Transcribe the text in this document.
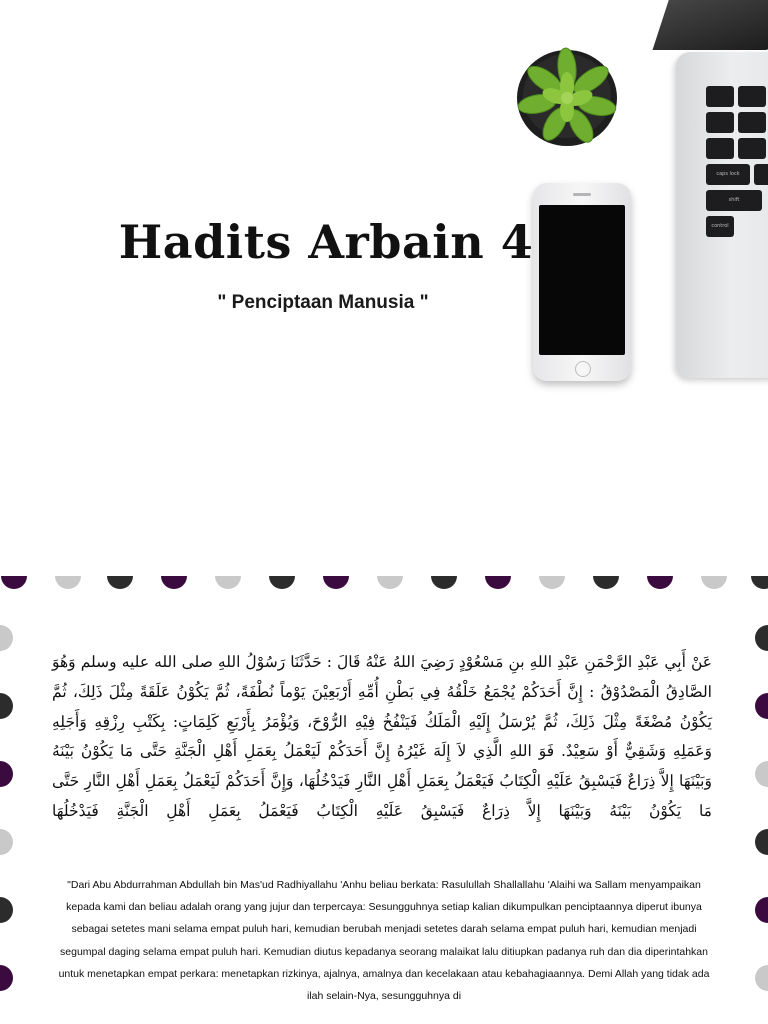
caps lock
shift
control
Hadits Arbain 4
" Penciptaan Manusia "
عَنْ أَبِي عَبْدِ الرَّحْمَنِ عَبْدِ اللهِ بنِ مَسْعُوْدٍ رَضِيَ اللهُ عَنْهُ قَالَ : حَدَّثَنَا رَسُوْلُ اللهِ صلى الله عليه وسلم وَهُوَ الصَّادِقُ الْمَصْدُوْقُ : إِنَّ أَحَدَكُمْ يُجْمَعُ خَلْقُهُ فِي بَطْنِ أُمِّهِ أَرْبَعِيْنَ يَوْماً نُطْفَةً، ثُمَّ يَكُوْنُ عَلَقَةً مِثْلَ ذَلِكَ، ثُمَّ يَكُوْنُ مُضْغَةً مِثْلَ ذَلِكَ، ثُمَّ يُرْسَلُ إِلَيْهِ الْمَلَكُ فَيَنْفُخُ فِيْهِ الرُّوْحَ، وَيُؤْمَرُ بِأَرْبَعِ كَلِمَاتٍ: بِكَتْبِ رِزْقِهِ وَأَجَلِهِ وَعَمَلِهِ وَشَقِيٌّ أَوْ سَعِيْدٌ. فَوَ اللهِ الَّذِي لاَ إِلَهَ غَيْرُهُ إِنَّ أَحَدَكُمْ لَيَعْمَلُ بِعَمَلِ أَهْلِ الْجَنَّةِ حَتَّى مَا يَكُوْنُ بَيْنَهُ وَبَيْنَهَا إِلاَّ ذِرَاعٌ فَيَسْبِقُ عَلَيْهِ الْكِتَابُ فَيَعْمَلُ بِعَمَلِ أَهْلِ النَّارِ فَيَدْخُلُهَا، وَإِنَّ أَحَدَكُمْ لَيَعْمَلُ بِعَمَلِ أَهْلِ النَّارِ حَتَّى مَا يَكُوْنُ بَيْنَهُ وَبَيْنَهَا إِلاَّ ذِرَاعٌ فَيَسْبِقُ عَلَيْهِ الْكِتَابُ فَيَعْمَلُ بِعَمَلِ أَهْلِ الْجَنَّةِ فَيَدْخُلُهَا
"Dari Abu Abdurrahman Abdullah bin Mas'ud Radhiyallahu 'Anhu beliau berkata: Rasulullah Shallallahu 'Alaihi wa Sallam menyampaikan kepada kami dan beliau adalah orang yang jujur dan terpercaya: Sesungguhnya setiap kalian dikumpulkan penciptaannya diperut ibunya sebagai setetes mani selama empat puluh hari, kemudian berubah menjadi setetes darah selama empat puluh hari, kemudian menjadi segumpal daging selama empat puluh hari. Kemudian diutus kepadanya seorang malaikat lalu ditiupkan padanya ruh dan dia diperintahkan untuk menetapkan empat perkara: menetapkan rizkinya, ajalnya, amalnya dan kecelakaan atau kebahagiaannya. Demi Allah yang tidak ada ilah selain-Nya, sesungguhnya di
